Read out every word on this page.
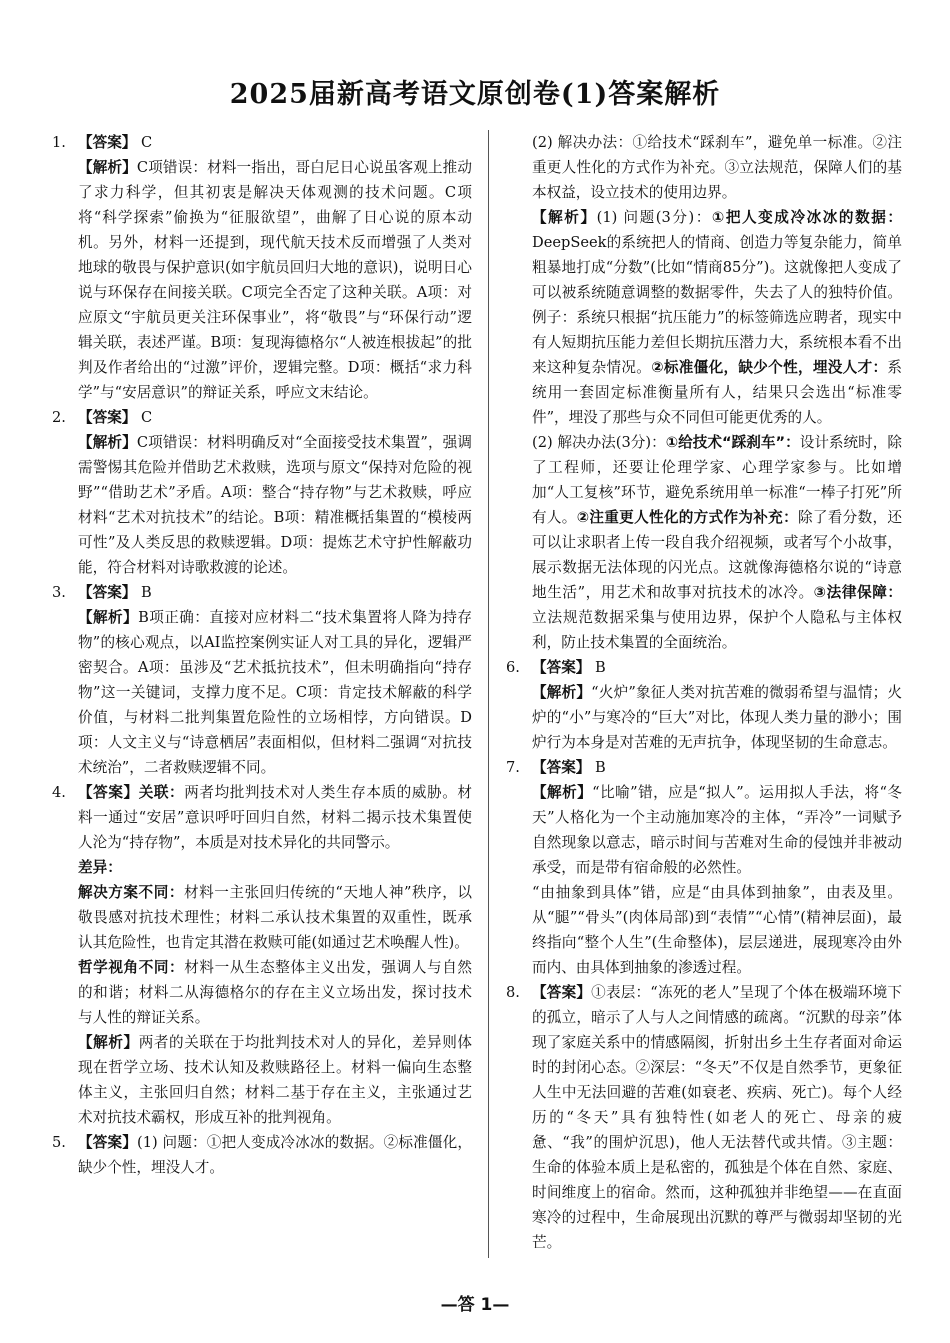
2025届新高考语文原创卷(1)答案解析
1. 【答案】 C

【解析】C项错误：材料一指出，哥白尼日心说虽客观上推动了求力科学，但其初衷是解决天体观测的技术问题。C项将“科学探索”偷换为“征服欲望”，曲解了日心说的原本动机。另外，材料一还提到，现代航天技术反而增强了人类对地球的敬畏与保护意识(如宇航员回归大地的意识)，说明日心说与环保存在间接关联。C项完全否定了这种关联。A项：对应原文“宇航员更关注环保事业”，将“敬畏”与“环保行动”逻辑关联，表述严谨。B项：复现海德格尔“人被连根拔起”的批判及作者给出的“过激”评价，逻辑完整。D项：概括“求力科学”与“安居意识”的辩证关系，呼应文末结论。

2. 【答案】 C

【解析】C项错误：材料明确反对“全面接受技术集置”，强调需警惕其危险并借助艺术救赎，选项与原文“保持对危险的视野”“借助艺术”矛盾。A项：整合“持存物”与艺术救赎，呼应材料“艺术对抗技术”的结论。B项：精准概括集置的“模棱两可性”及人类反思的救赎逻辑。D项：提炼艺术守护性解蔽功能，符合材料对诗歌救渡的论述。

3. 【答案】 B

【解析】B项正确：直接对应材料二“技术集置将人降为持存物”的核心观点，以AI监控案例实证人对工具的异化，逻辑严密契合。A项：虽涉及“艺术抵抗技术”，但未明确指向“持存物”这一关键词，支撑力度不足。C项：肯定技术解蔽的科学价值，与材料二批判集置危险性的立场相悖，方向错误。D项：人文主义与“诗意栖居”表面相似，但材料二强调“对抗技术统治”，二者救赎逻辑不同。

4. 【答案】关联：两者均批判技术对人类生存本质的威胁。材料一通过“安居”意识呼吁回归自然，材料二揭示技术集置使人沦为“持存物”，本质是对技术异化的共同警示。

差异：

解决方案不同：材料一主张回归传统的“天地人神”秩序，以敬畏感对抗技术理性；材料二承认技术集置的双重性，既承认其危险性，也肯定其潜在救赎可能(如通过艺术唤醒人性)。

哲学视角不同：材料一从生态整体主义出发，强调人与自然的和谐；材料二从海德格尔的存在主义立场出发，探讨技术与人性的辩证关系。

【解析】两者的关联在于均批判技术对人的异化，差异则体现在哲学立场、技术认知及救赎路径上。材料一偏向生态整体主义，主张回归自然；材料二基于存在主义，主张通过艺术对抗技术霸权，形成互补的批判视角。

5. 【答案】(1) 问题：①把人变成冷冰冰的数据。②标准僵化，缺少个性，埋没人才。

(2) 解决办法：①给技术“踩刹车”，避免单一标准。②注重更人性化的方式作为补充。③立法规范，保障人们的基本权益，设立技术的使用边界。

【解析】(1) 问题(3分)：①把人变成冷冰冰的数据：DeepSeek的系统把人的情商、创造力等复杂能力，简单粗暴地打成“分数”(比如“情商85分”)。这就像把人变成了可以被系统随意调整的数据零件，失去了人的独特价值。例子：系统只根据“抗压能力”的标签筛选应聘者，现实中有人短期抗压能力差但长期抗压潜力大，系统根本看不出来这种复杂情况。②标准僵化，缺少个性，埋没人才：系统用一套固定标准衡量所有人，结果只会选出“标准零件”，埋没了那些与众不同但可能更优秀的人。

(2) 解决办法(3分)：①给技术“踩刹车”：设计系统时，除了工程师，还要让伦理学家、心理学家参与。比如增加“人工复核”环节，避免系统用单一标准“一棒子打死”所有人。②注重更人性化的方式作为补充：除了看分数，还可以让求职者上传一段自我介绍视频，或者写个小故事，展示数据无法体现的闪光点。这就像海德格尔说的“诗意地生活”，用艺术和故事对抗技术的冰冷。③法律保障：立法规范数据采集与使用边界，保护个人隐私与主体权利，防止技术集置的全面统治。

6. 【答案】 B

【解析】“火炉”象征人类对抗苦难的微弱希望与温情；火炉的“小”与寒冷的“巨大”对比，体现人类力量的渺小；围炉行为本身是对苦难的无声抗争，体现坚韧的生命意志。

7. 【答案】 B

【解析】“比喻”错，应是“拟人”。运用拟人手法，将“冬天”人格化为一个主动施加寒冷的主体，“弄冷”一词赋予自然现象以意志，暗示时间与苦难对生命的侵蚀并非被动承受，而是带有宿命般的必然性。

“由抽象到具体”错，应是“由具体到抽象”，由表及里。从“腿”“骨头”(肉体局部)到“表情”“心情”(精神层面)，最终指向“整个人生”(生命整体)，层层递进，展现寒冷由外而内、由具体到抽象的渗透过程。

8. 【答案】①表层：“冻死的老人”呈现了个体在极端环境下的孤立，暗示了人与人之间情感的疏离。“沉默的母亲”体现了家庭关系中的情感隔阂，折射出乡土生存者面对命运时的封闭心态。②深层：“冬天”不仅是自然季节，更象征人生中无法回避的苦难(如衰老、疾病、死亡)。每个人经历的“冬天”具有独特性(如老人的死亡、母亲的疲惫、“我”的围炉沉思)，他人无法替代或共情。③主题：生命的体验本质上是私密的，孤独是个体在自然、家庭、时间维度上的宿命。然而，这种孤独并非绝望——在直面寒冷的过程中，生命展现出沉默的尊严与微弱却坚韧的光芒。

—答 1—
